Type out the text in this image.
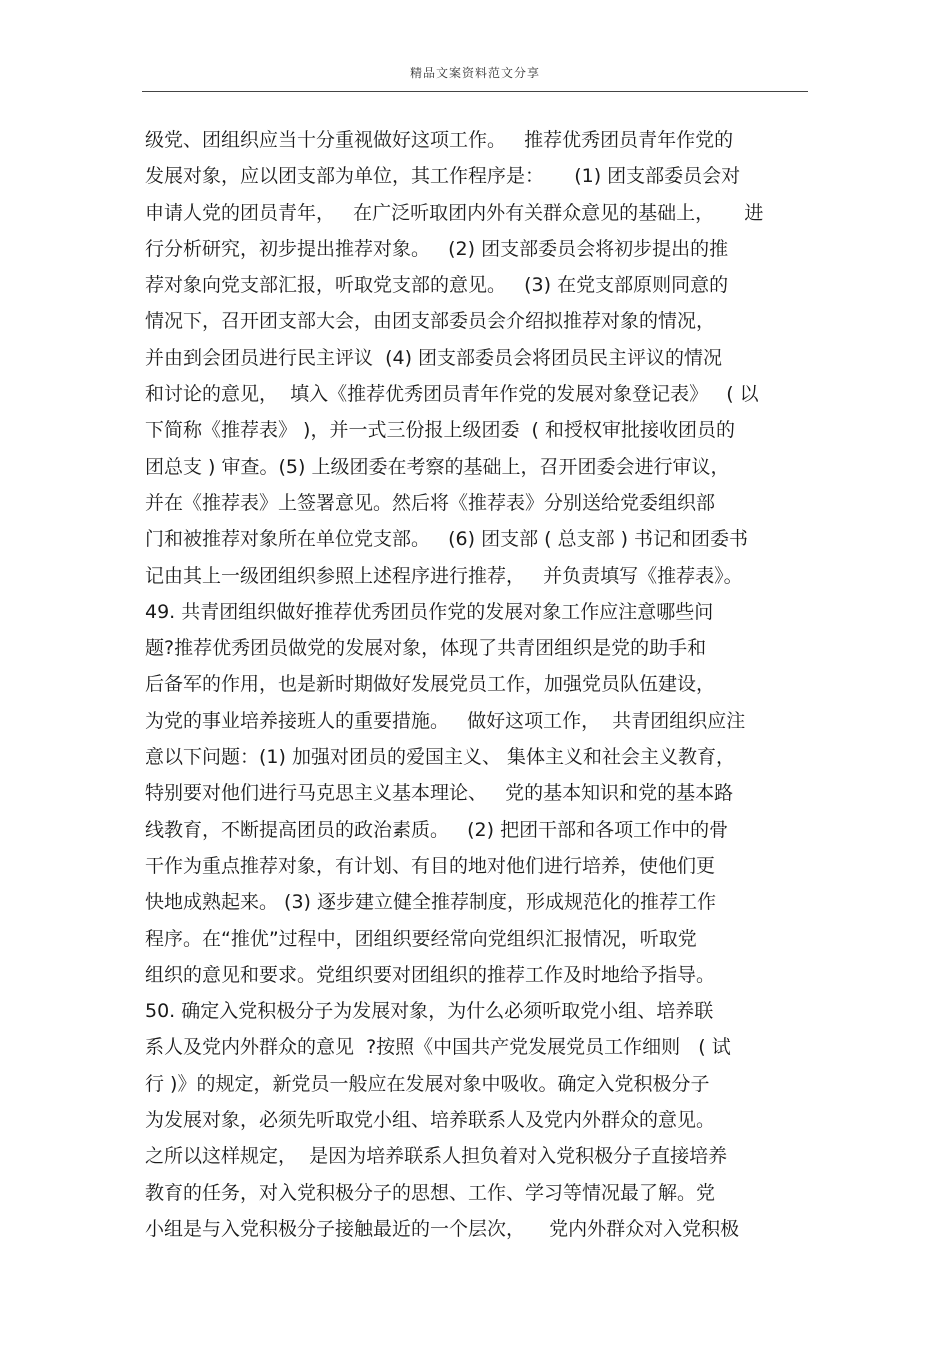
精品文案资料范文分享
级党、团组织应当十分重视做好这项工作。   推荐优秀团员青年作党的
发展对象，应以团支部为单位，其工作程序是：     (1) 团支部委员会对
申请人党的团员青年，   在广泛听取团内外有关群众意见的基础上，     进
行分析研究，初步提出推荐对象。   (2) 团支部委员会将初步提出的推
荐对象向党支部汇报，听取党支部的意见。   (3) 在党支部原则同意的
情况下，召开团支部大会，由团支部委员会介绍拟推荐对象的情况，
并由到会团员进行民主评议  (4) 团支部委员会将团员民主评议的情况
和讨论的意见，  填入《推荐优秀团员青年作党的发展对象登记表》   ( 以
下简称《推荐表》 )，并一式三份报上级团委  ( 和授权审批接收团员的
团总支 ) 审查。(5) 上级团委在考察的基础上，召开团委会进行审议，
并在《推荐表》上签署意见。然后将《推荐表》分别送给党委组织部
门和被推荐对象所在单位党支部。   (6) 团支部 ( 总支部 ) 书记和团委书
记由其上一级团组织参照上述程序进行推荐，   并负责填写《推荐表》。
49. 共青团组织做好推荐优秀团员作党的发展对象工作应注意哪些问
题?推荐优秀团员做党的发展对象，体现了共青团组织是党的助手和
后备军的作用，也是新时期做好发展党员工作，加强党员队伍建设，
为党的事业培养接班人的重要措施。   做好这项工作，  共青团组织应注
意以下问题：(1) 加强对团员的爱国主义、 集体主义和社会主义教育，
特别要对他们进行马克思主义基本理论、   党的基本知识和党的基本路
线教育，不断提高团员的政治素质。   (2) 把团干部和各项工作中的骨
干作为重点推荐对象，有计划、有目的地对他们进行培养，使他们更
快地成熟起来。 (3) 逐步建立健全推荐制度，形成规范化的推荐工作
程序。在“推优”过程中，团组织要经常向党组织汇报情况，听取党
组织的意见和要求。党组织要对团组织的推荐工作及时地给予指导。
50. 确定入党积极分子为发展对象，为什么必须听取党小组、培养联
系人及党内外群众的意见  ?按照《中国共产党发展党员工作细则   ( 试
行 )》的规定，新党员一般应在发展对象中吸收。确定入党积极分子
为发展对象，必须先听取党小组、培养联系人及党内外群众的意见。
之所以这样规定，  是因为培养联系人担负着对入党积极分子直接培养
教育的任务，对入党积极分子的思想、工作、学习等情况最了解。党
小组是与入党积极分子接触最近的一个层次，    党内外群众对入党积极
